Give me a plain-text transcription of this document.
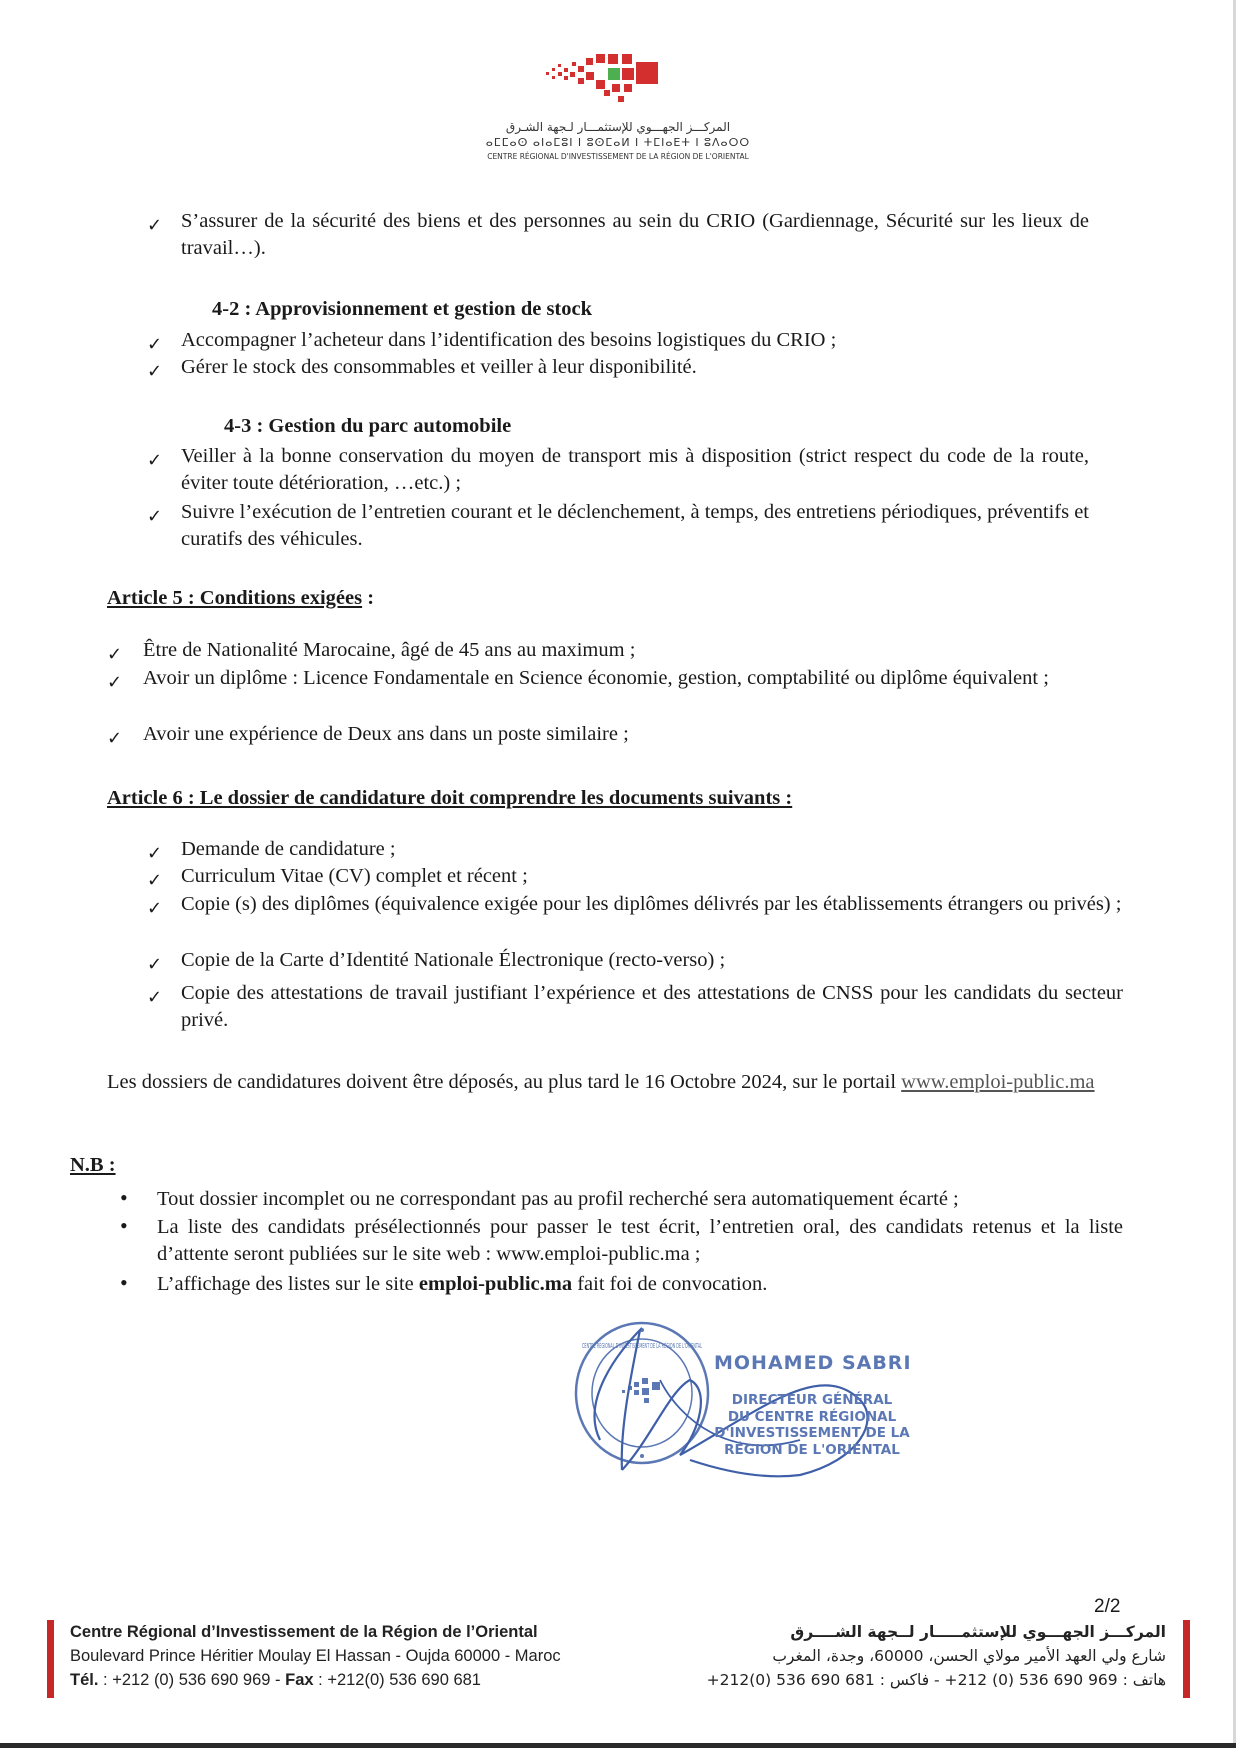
المركـــز الجهـــوي للإستثمـــار لـجهة الشـرق
ⴰⵎⵎⴰⵙ ⴰⵏⴰⵎⵓⵏ ⵏ ⵓⵙⵎⴰⵍ ⵏ ⵜⵎⵏⴰⴹⵜ ⵏ ⵓⴷⴰⵔⵔ
CENTRE RÉGIONAL D'INVESTISSEMENT DE LA RÉGION DE L'ORIENTAL
✓ S’assurer de la sécurité des biens et des personnes au sein du CRIO (Gardiennage, Sécurité sur les lieux de travail…).
4-2 : Approvisionnement et gestion de stock
✓ Accompagner l’acheteur dans l’identification des besoins logistiques du CRIO ;
✓ Gérer le stock des consommables et veiller à leur disponibilité.
4-3 : Gestion du parc automobile
✓ Veiller à la bonne conservation du moyen de transport mis à disposition (strict respect du code de la route, éviter toute détérioration, …etc.) ;
✓ Suivre l’exécution de l’entretien courant et le déclenchement, à temps, des entretiens périodiques, préventifs et curatifs des véhicules.
Article 5 : Conditions exigées :
✓ Être de Nationalité Marocaine, âgé de 45 ans au maximum ;
✓ Avoir un diplôme : Licence Fondamentale en Science économie, gestion, comptabilité ou diplôme équivalent ;
✓ Avoir une expérience de Deux ans dans un poste similaire ;
Article 6 : Le dossier de candidature doit comprendre les documents suivants :
✓ Demande de candidature ;
✓ Curriculum Vitae (CV) complet et récent ;
✓ Copie (s) des diplômes (équivalence exigée pour les diplômes délivrés par les établissements étrangers ou privés) ;
✓ Copie de la Carte d’Identité Nationale Électronique (recto-verso) ;
✓ Copie des attestations de travail justifiant l’expérience et des attestations de CNSS pour les candidats du secteur privé.
Les dossiers de candidatures doivent être déposés, au plus tard le 16 Octobre 2024, sur le portail www.emploi-public.ma
N.B :
• Tout dossier incomplet ou ne correspondant pas au profil recherché sera automatiquement écarté ;
• La liste des candidats présélectionnés pour passer le test écrit, l’entretien oral, des candidats retenus et la liste d’attente seront publiées sur le site web : www.emploi-public.ma ;
• L’affichage des listes sur le site emploi-public.ma fait foi de convocation.
CENTRE RÉGIONAL D'INVESTISSEMENT DE LA RÉGION DE L'ORIENTAL
MOHAMED SABRI
DIRECTEUR GÉNÉRAL
DU CENTRE RÉGIONAL
D'INVESTISSEMENT DE LA
RÉGION DE L'ORIENTAL
2/2
Centre Régional d’Investissement de la Région de l’Oriental
Boulevard Prince Héritier Moulay El Hassan - Oujda 60000 - Maroc
Tél. : +212 (0) 536 690 969 - Fax : +212(0) 536 690 681
المركـــز الجهـــوي للإستثمـــــار لــجهة الشــــرق
شارع ولي العهد الأمير مولاي الحسن، 60000، وجدة، المغرب
هاتف : 969 690 536 (0) 212+ - فاكس : 681 690 536 (0)212+
